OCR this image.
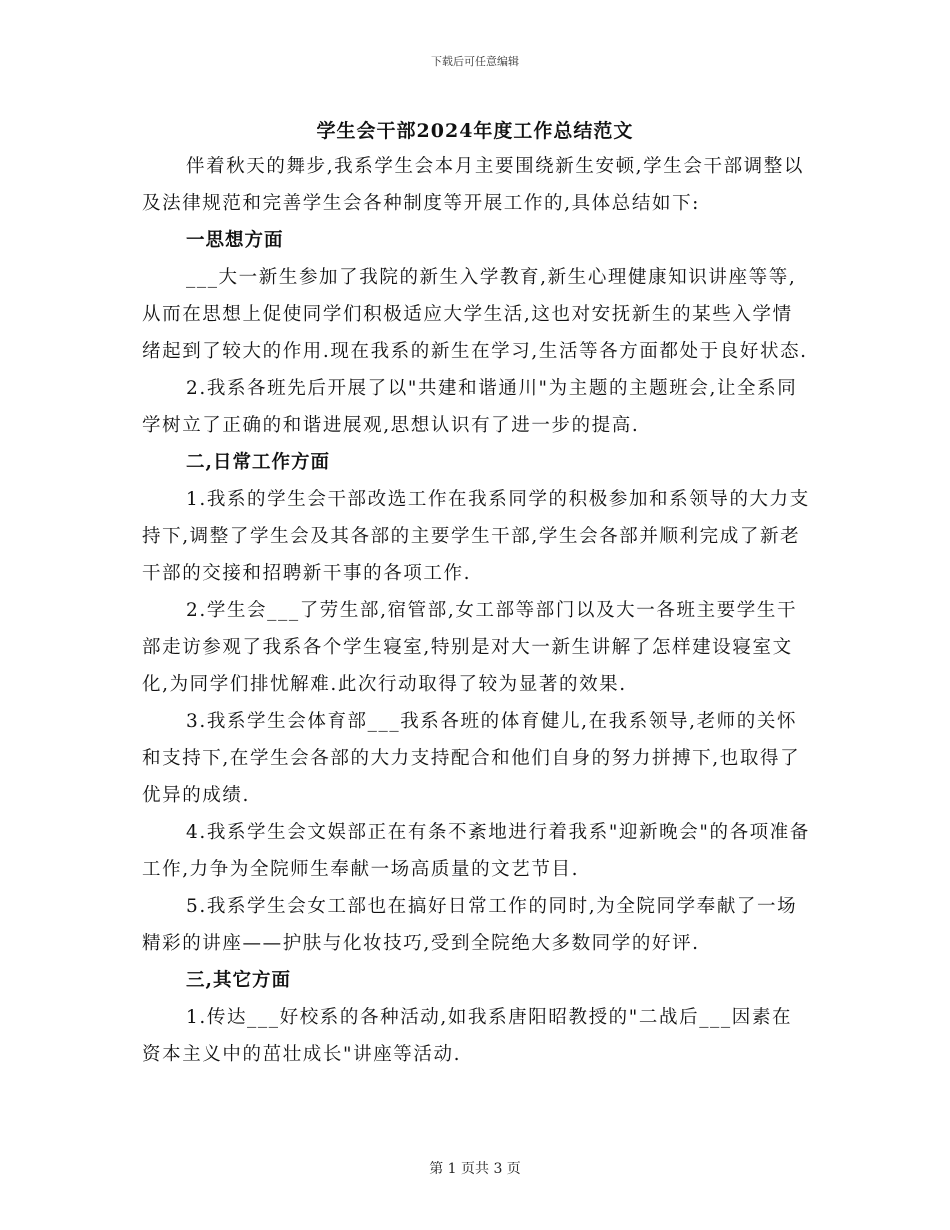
下载后可任意编辑
学生会干部2024年度工作总结范文

伴着秋天的舞步,我系学生会本月主要围绕新生安顿,学生会干部调整以及法律规范和完善学生会各种制度等开展工作的,具体总结如下:

一思想方面

___大一新生参加了我院的新生入学教育,新生心理健康知识讲座等等,从而在思想上促使同学们积极适应大学生活,这也对安抚新生的某些入学情绪起到了较大的作用.现在我系的新生在学习,生活等各方面都处于良好状态.

2.我系各班先后开展了以"共建和谐通川"为主题的主题班会,让全系同学树立了正确的和谐进展观,思想认识有了进一步的提高.

二,日常工作方面

1.我系的学生会干部改选工作在我系同学的积极参加和系领导的大力支持下,调整了学生会及其各部的主要学生干部,学生会各部并顺利完成了新老干部的交接和招聘新干事的各项工作.

2.学生会___了劳生部,宿管部,女工部等部门以及大一各班主要学生干部走访参观了我系各个学生寝室,特别是对大一新生讲解了怎样建设寝室文化,为同学们排忧解难.此次行动取得了较为显著的效果.

3.我系学生会体育部___我系各班的体育健儿,在我系领导,老师的关怀和支持下,在学生会各部的大力支持配合和他们自身的努力拼搏下,也取得了优异的成绩.

4.我系学生会文娱部正在有条不紊地进行着我系"迎新晚会"的各项准备工作,力争为全院师生奉献一场高质量的文艺节目.

5.我系学生会女工部也在搞好日常工作的同时,为全院同学奉献了一场精彩的讲座——护肤与化妆技巧,受到全院绝大多数同学的好评.

三,其它方面

1.传达___好校系的各种活动,如我系唐阳昭教授的"二战后___因素在资本主义中的茁壮成长"讲座等活动.

第 1 页共 3 页
